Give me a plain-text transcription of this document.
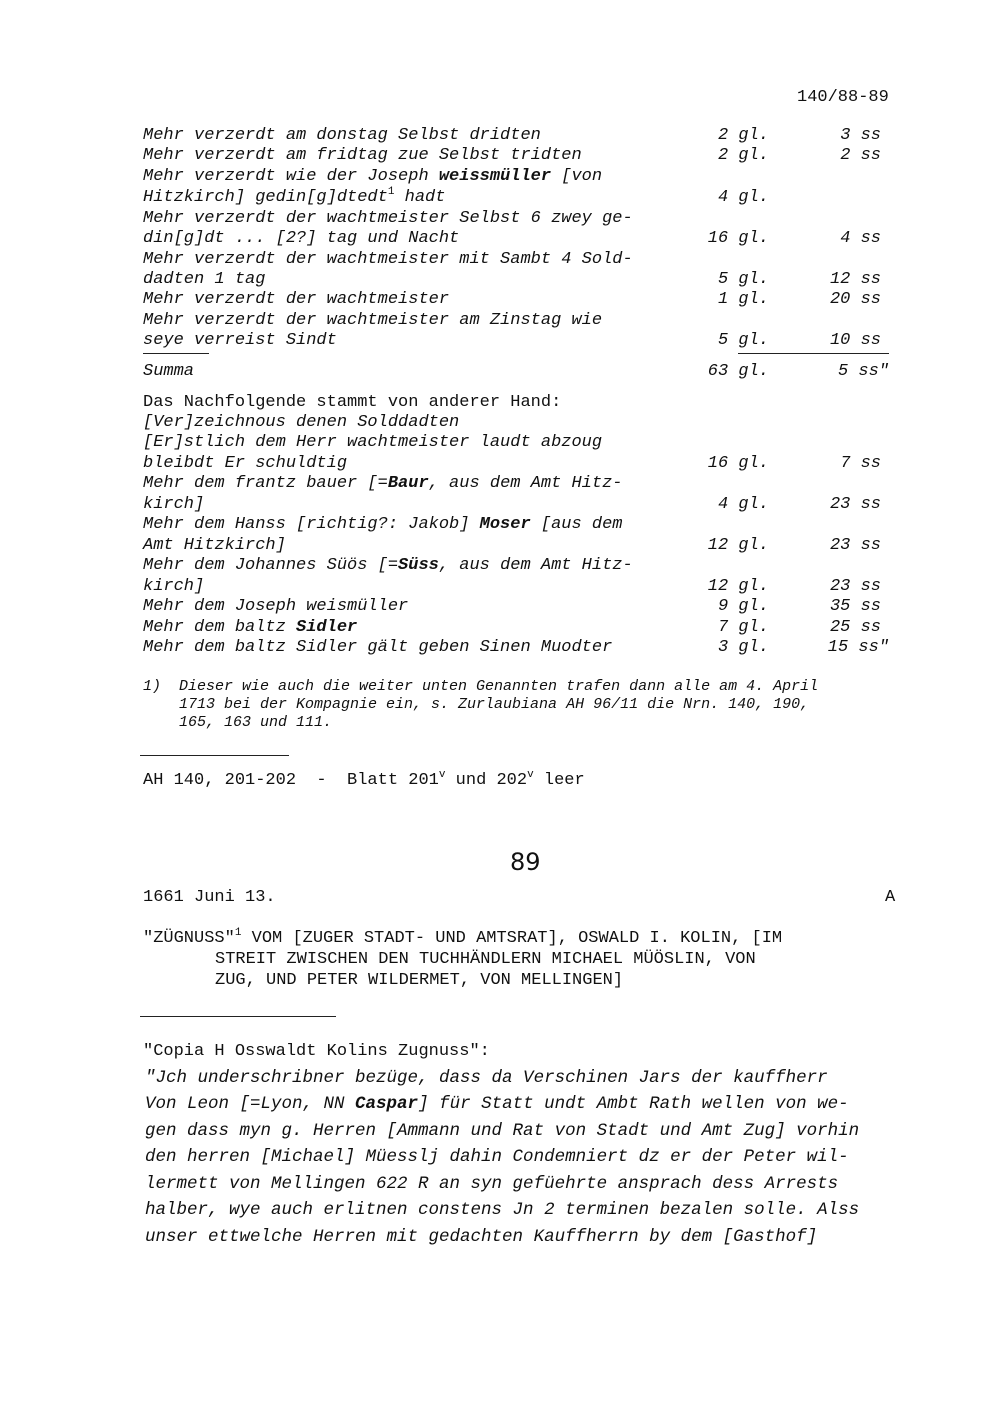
140/88-89
Mehr verzerdt am donstag Selbst dridten	2 gl.	3 ss
Mehr verzerdt am fridtag zue Selbst tridten	2 gl.	2 ss
Mehr verzerdt wie der Joseph weissmüller [von
Hitzkirch] gedin[g]dtedt$^1$ hadt	4 gl.
Mehr verzerdt der wachtmeister Selbst 6 zwey ge-
din[g]dt ... [2?] tag und Nacht	16 gl.	4 ss
Mehr verzerdt der wachtmeister mit Sambt 4 Sold-
dadten 1 tag	5 gl.	12 ss
Mehr verzerdt der wachtmeister	1 gl.	20 ss
Mehr verzerdt der wachtmeister am Zinstag wie
seye verreist Sindt	5 gl.	10 ss
Summa	63 gl.	5 ss"
Das Nachfolgende stammt von anderer Hand:
[Ver]zeichnous denen Solddadten
[Er]stlich dem Herr wachtmeister laudt abzoug
bleibdt Er schuldtig	16 gl.	7 ss
Mehr dem frantz bauer [=Baur, aus dem Amt Hitz-
kirch]	4 gl.	23 ss
Mehr dem Hanss [richtig?: Jakob] Moser [aus dem
Amt Hitzkirch]	12 gl.	23 ss
Mehr dem Johannes Süös [=Süss, aus dem Amt Hitz-
kirch]	12 gl.	23 ss
Mehr dem Joseph weismüller	9 gl.	35 ss
Mehr dem baltz Sidler	7 gl.	25 ss
Mehr dem baltz Sidler gält geben Sinen Muodter	3 gl.	15 ss"
1) Dieser wie auch die weiter unten Genannten trafen dann alle am 4. April
1713 bei der Kompagnie ein, s. Zurlaubiana AH 96/11 die Nrn. 140, 190,
165, 163 und 111.
AH 140, 201-202  -  Blatt 201$^v$ und 202$^v$ leer
89
1661 Juni 13.	A
"ZÜGNUSS"$^1$ VOM [ZUGER STADT- UND AMTSRAT], OSWALD I. KOLIN, [IM
STREIT ZWISCHEN DEN TUCHHÄNDLERN MICHAEL MÜÖSLIN, VON
ZUG, UND PETER WILDERMET, VON MELLINGEN]
"Copia H Osswaldt Kolins Zugnuss":
"Jch underschribner bezüge, dass da Verschinen Jars der kauffherr
Von Leon [=Lyon, NN Caspar] für Statt undt Ambt Rath wellen von we-
gen dass myn g. Herren [Ammann und Rat von Stadt und Amt Zug] vorhin
den herren [Michael] Müesslj dahin Condemniert dz er der Peter wil-
lermett von Mellingen 622 R an syn gefüehrte ansprach dess Arrests
halber, wye auch erlitnen constens Jn 2 terminen bezalen solle. Alss
unser ettwelche Herren mit gedachten Kauffherrn by dem [Gasthof]
